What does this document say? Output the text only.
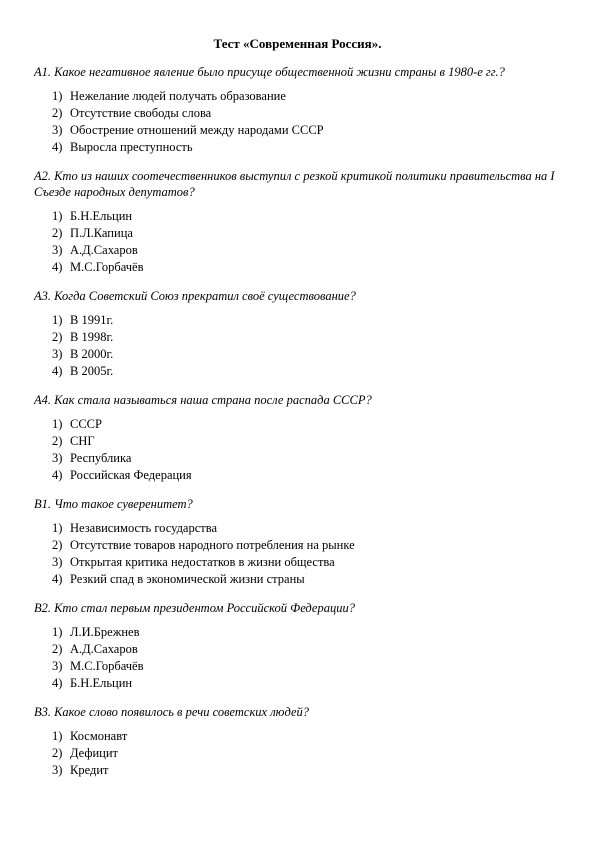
Тест «Современная Россия».

А1. Какое негативное явление было присуще общественной жизни страны в 1980-е гг.?

1) Нежелание людей получать образование
2) Отсутствие свободы слова
3) Обострение отношений между народами СССР
4) Выросла преступность

А2. Кто из наших соотечественников выступил с резкой критикой политики правительства на I Съезде народных депутатов?

1) Б.Н.Ельцин
2) П.Л.Капица
3) А.Д.Сахаров
4) М.С.Горбачёв

А3. Когда Советский Союз прекратил своё существование?

1) В 1991г.
2) В 1998г.
3) В 2000г.
4) В 2005г.

А4. Как стала называться наша страна после распада СССР?

1) СССР
2) СНГ
3) Республика
4) Российская Федерация

В1. Что такое суверенитет?

1) Независимость государства
2) Отсутствие товаров народного потребления на рынке
3) Открытая критика недостатков в жизни общества
4) Резкий спад в экономической жизни страны

В2. Кто стал первым президентом Российской Федерации?

1) Л.И.Брежнев
2) А.Д.Сахаров
3) М.С.Горбачёв
4) Б.Н.Ельцин

В3. Какое слово появилось в речи советских людей?

1) Космонавт
2) Дефицит
3) Кредит
